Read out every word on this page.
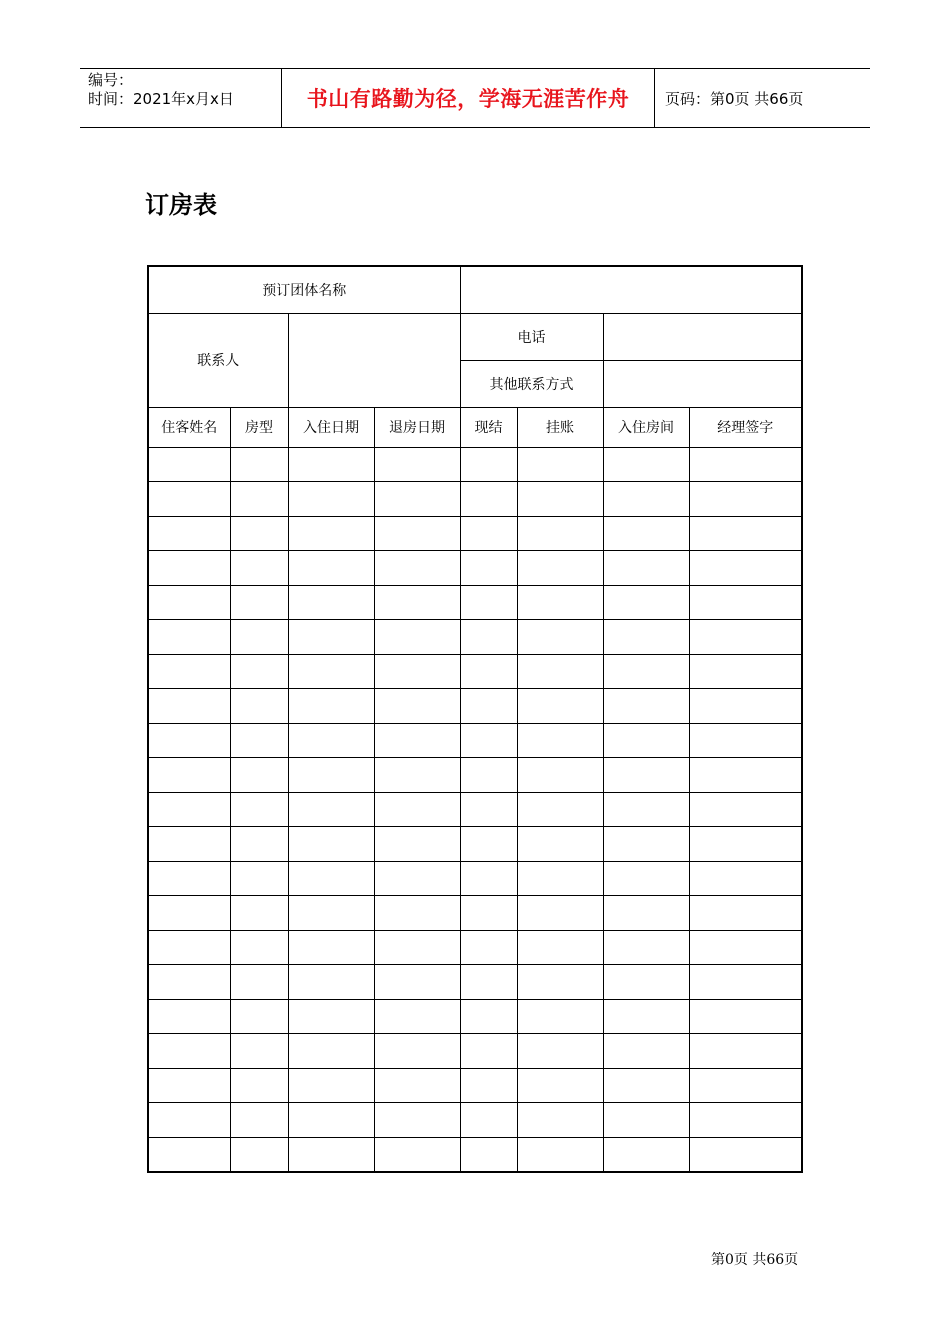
编号：
时间：2021年x月x日	书山有路勤为径，学海无涯苦作舟	页码：第0页 共66页
订房表
预订团体名称							
联系人				电话			
				其他联系方式			
住客姓名	房型	入住日期	退房日期	现结	挂账	入住房间	经理签字

第0页 共66页
